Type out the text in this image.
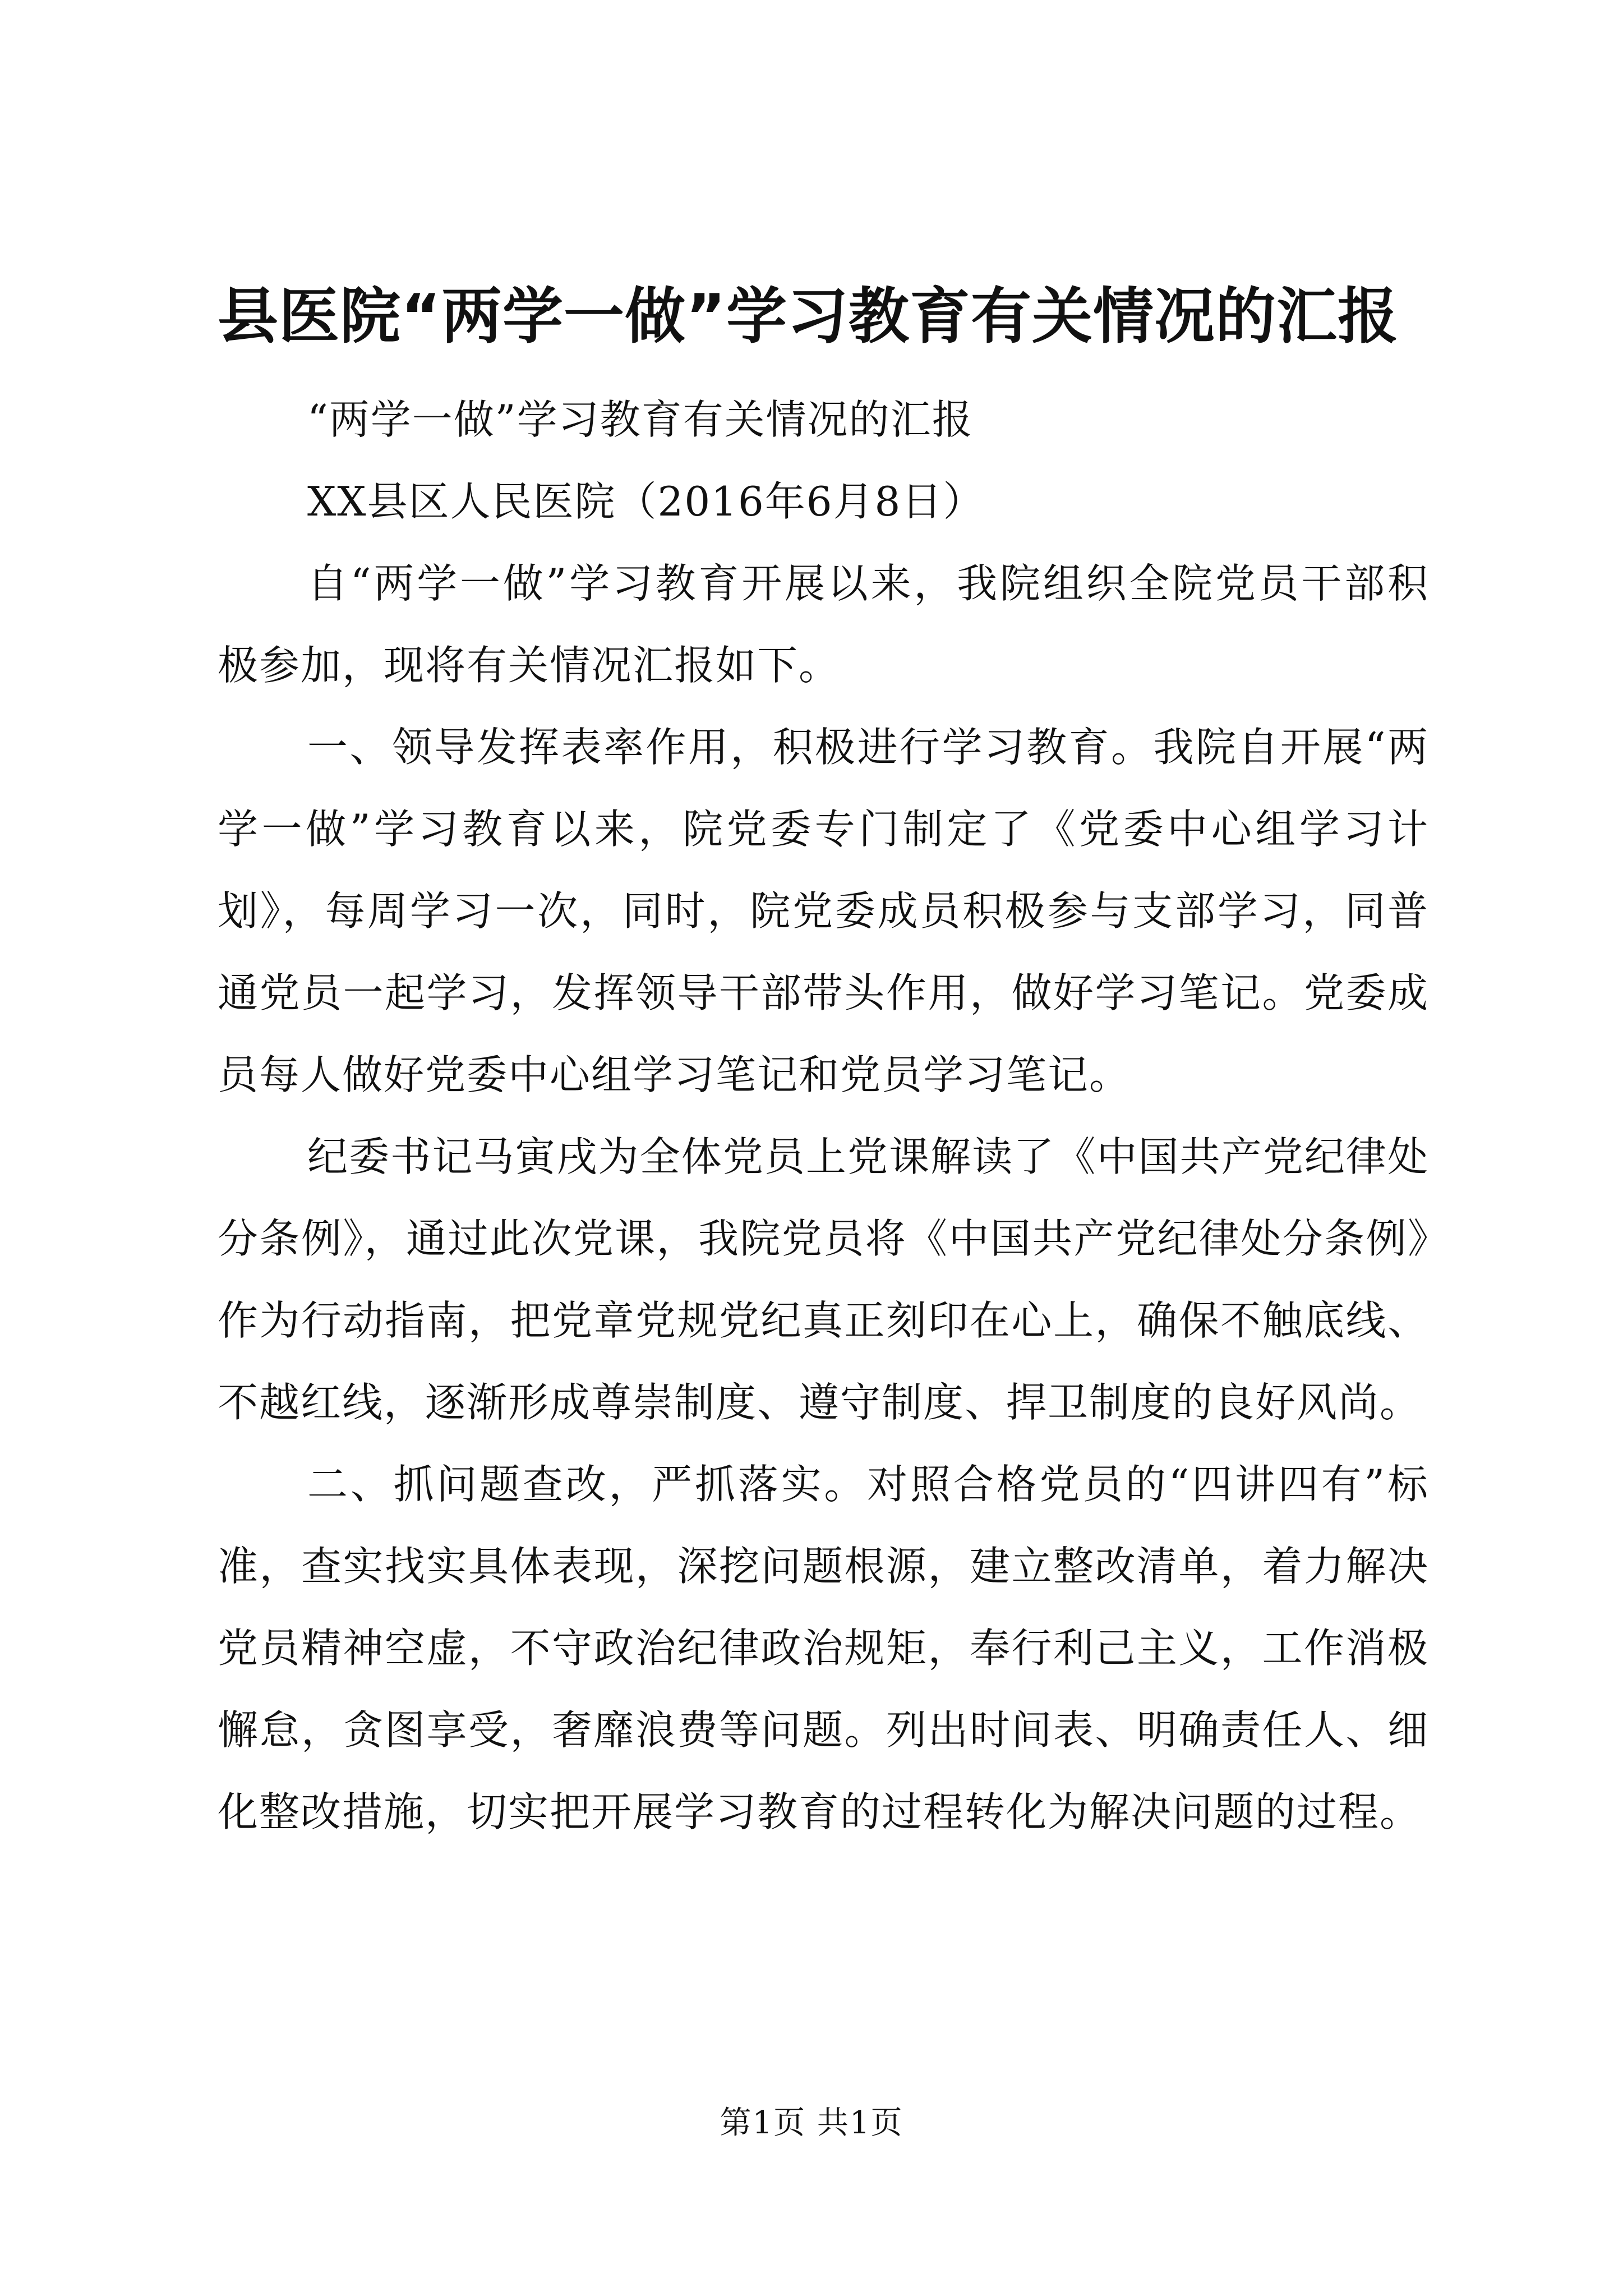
县医院“两学一做”学习教育有关情况的汇报

“两学一做”学习教育有关情况的汇报

XX县区人民医院（2016年6月8日）

自“两学一做”学习教育开展以来，我院组织全院党员干部积极参加，现将有关情况汇报如下。

一、领导发挥表率作用，积极进行学习教育。我院自开展“两学一做”学习教育以来，院党委专门制定了《党委中心组学习计划》，每周学习一次，同时，院党委成员积极参与支部学习，同普通党员一起学习，发挥领导干部带头作用，做好学习笔记。党委成员每人做好党委中心组学习笔记和党员学习笔记。

纪委书记马寅戌为全体党员上党课解读了《中国共产党纪律处分条例》，通过此次党课，我院党员将《中国共产党纪律处分条例》作为行动指南，把党章党规党纪真正刻印在心上，确保不触底线、不越红线，逐渐形成尊崇制度、遵守制度、捍卫制度的良好风尚。

二、抓问题查改，严抓落实。对照合格党员的“四讲四有”标准，查实找实具体表现，深挖问题根源，建立整改清单，着力解决党员精神空虚，不守政治纪律政治规矩，奉行利己主义，工作消极懈怠，贪图享受，奢靡浪费等问题。列出时间表、明确责任人、细化整改措施，切实把开展学习教育的过程转化为解决问题的过程。

第1页 共1页
